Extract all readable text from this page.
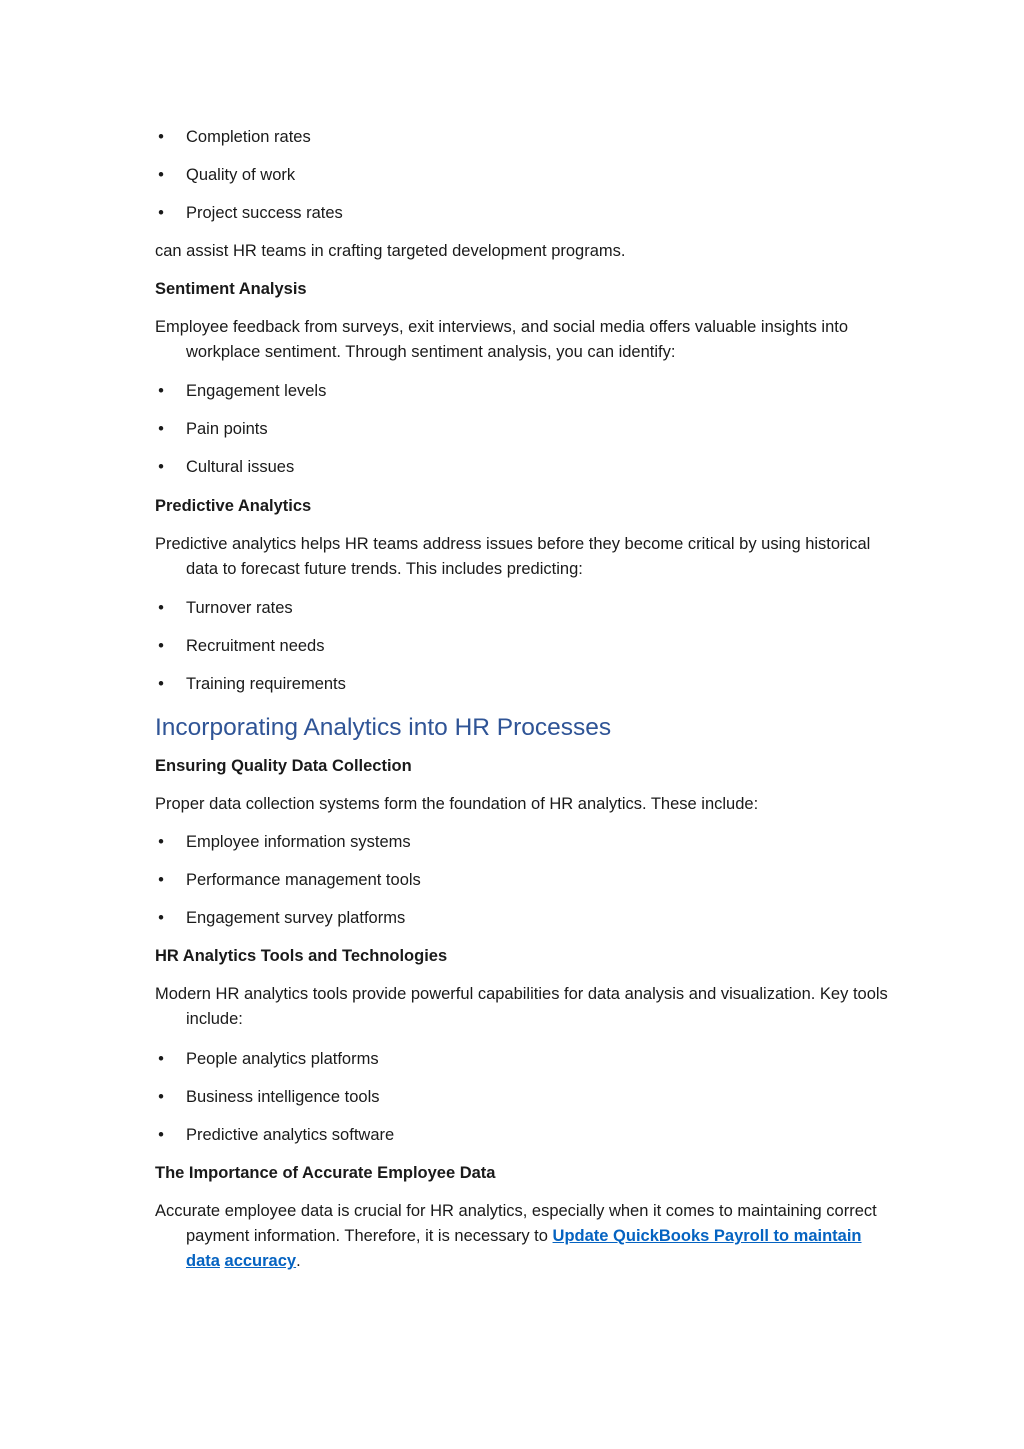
• Completion rates
• Quality of work
• Project success rates

can assist HR teams in crafting targeted development programs.

Sentiment Analysis

Employee feedback from surveys, exit interviews, and social media offers valuable insights into workplace sentiment. Through sentiment analysis, you can identify:

• Engagement levels
• Pain points
• Cultural issues

Predictive Analytics

Predictive analytics helps HR teams address issues before they become critical by using historical data to forecast future trends. This includes predicting:

• Turnover rates
• Recruitment needs
• Training requirements
Incorporating Analytics into HR Processes

Ensuring Quality Data Collection

Proper data collection systems form the foundation of HR analytics. These include:

• Employee information systems
• Performance management tools
• Engagement survey platforms

HR Analytics Tools and Technologies

Modern HR analytics tools provide powerful capabilities for data analysis and visualization. Key tools include:

• People analytics platforms
• Business intelligence tools
• Predictive analytics software

The Importance of Accurate Employee Data

Accurate employee data is crucial for HR analytics, especially when it comes to maintaining correct payment information. Therefore, it is necessary to Update QuickBooks Payroll to maintain data accuracy.
